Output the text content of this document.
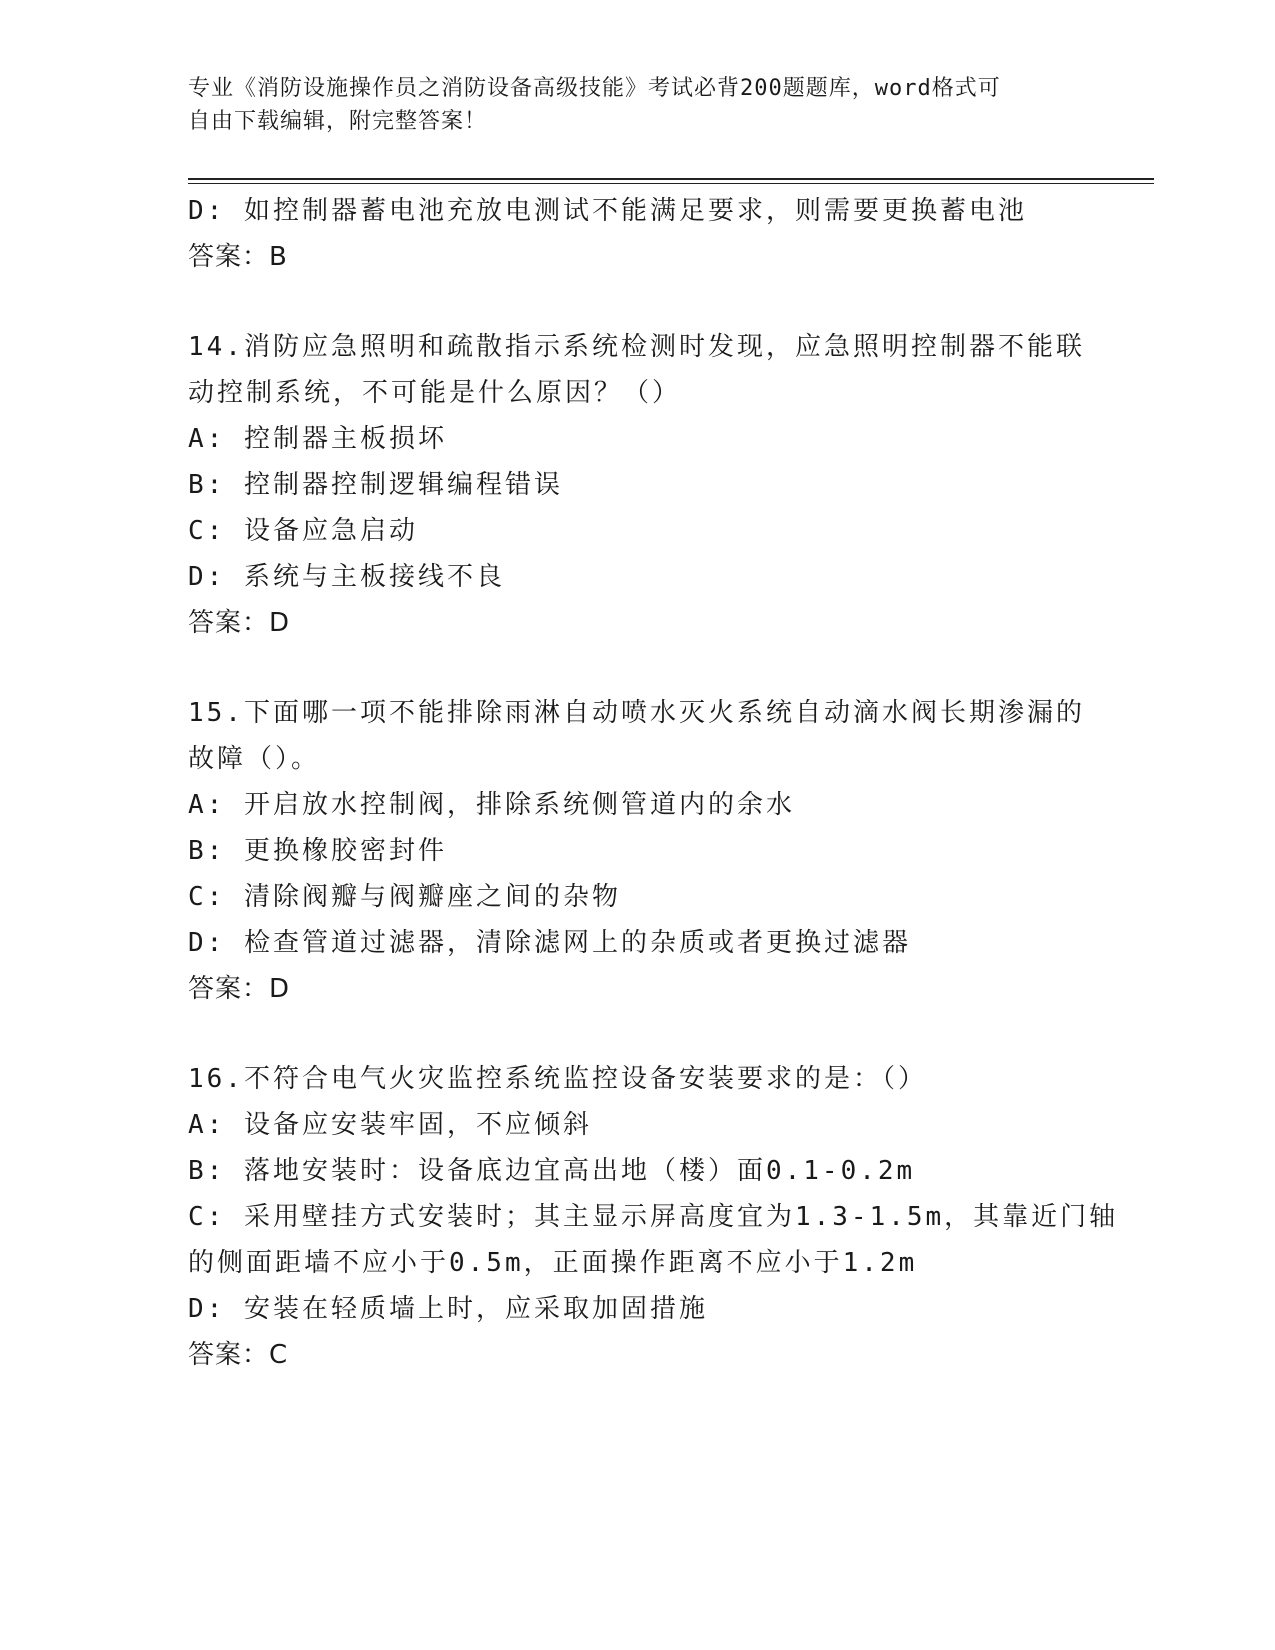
专业《消防设施操作员之消防设备高级技能》考试必背200题题库，word格式可
自由下载编辑，附完整答案！
D: 如控制器蓄电池充放电测试不能满足要求，则需要更换蓄电池
答案：B
14.消防应急照明和疏散指示系统检测时发现，应急照明控制器不能联
动控制系统，不可能是什么原因？（）
A: 控制器主板损坏
B: 控制器控制逻辑编程错误
C: 设备应急启动
D: 系统与主板接线不良
答案：D
15.下面哪一项不能排除雨淋自动喷水灭火系统自动滴水阀长期渗漏的
故障（）。
A: 开启放水控制阀，排除系统侧管道内的余水
B: 更换橡胶密封件
C: 清除阀瓣与阀瓣座之间的杂物
D: 检查管道过滤器，清除滤网上的杂质或者更换过滤器
答案：D
16.不符合电气火灾监控系统监控设备安装要求的是：（）
A: 设备应安装牢固，不应倾斜
B: 落地安装时：设备底边宜高出地（楼）面0.1-0.2m
C: 采用壁挂方式安装时；其主显示屏高度宜为1.3-1.5m，其靠近门轴
的侧面距墙不应小于0.5m，正面操作距离不应小于1.2m
D: 安装在轻质墙上时，应采取加固措施
答案：C
